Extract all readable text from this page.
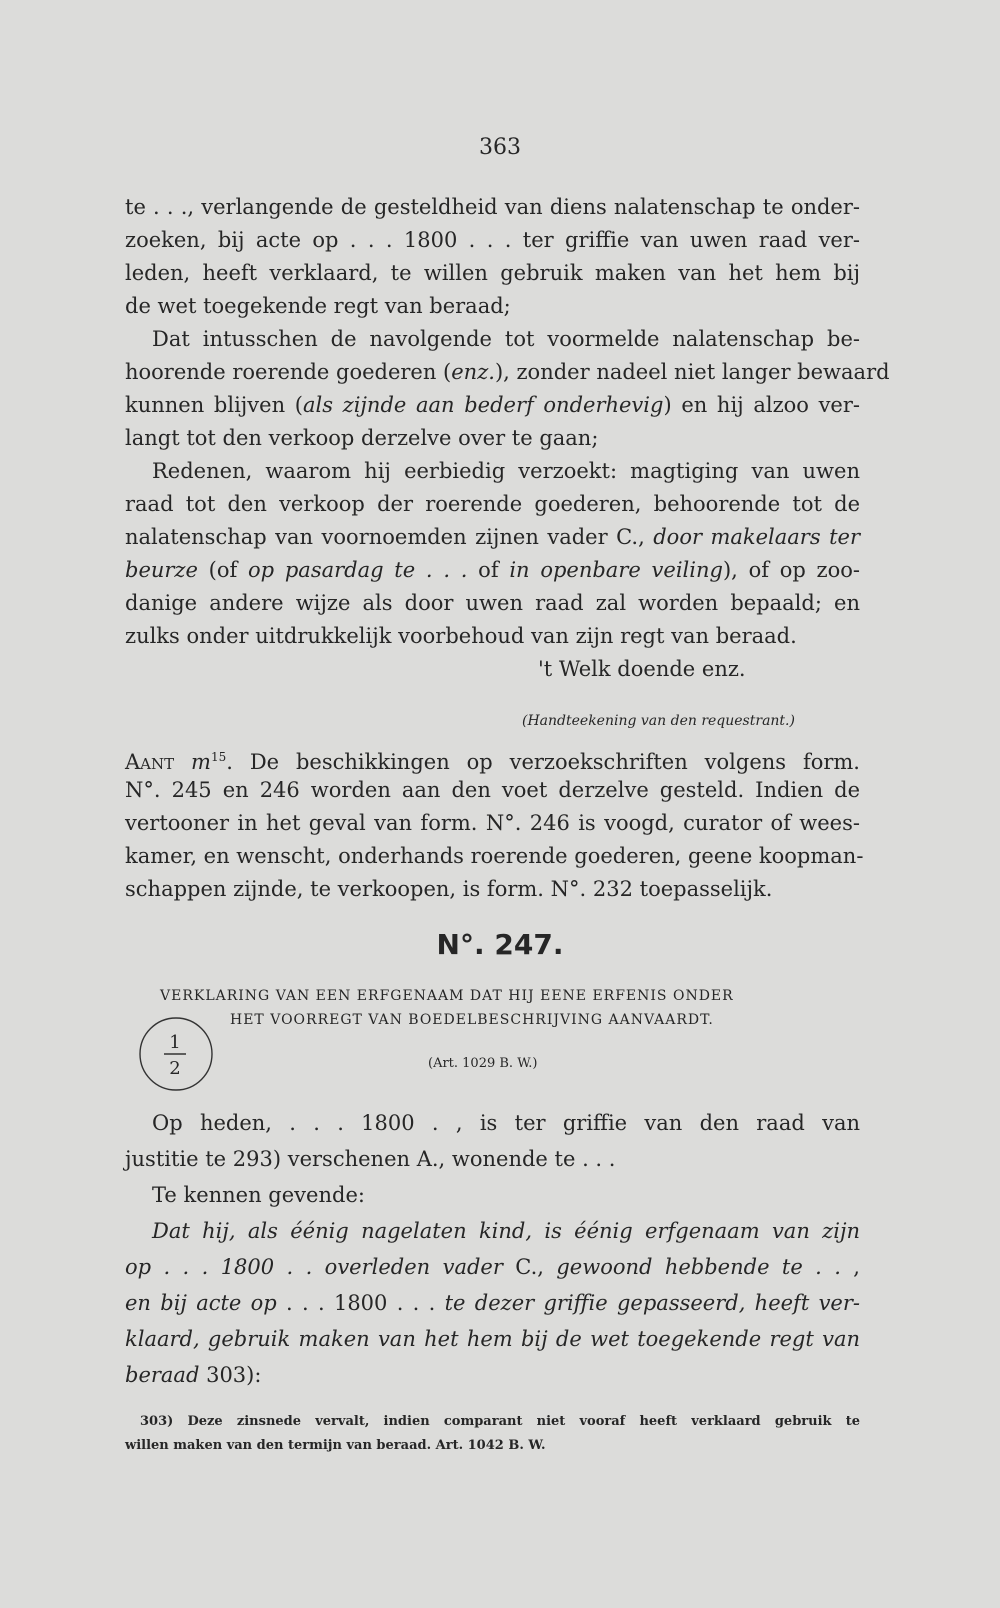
363
te . . ., verlangende de gesteldheid van diens nalatenschap te onder-
zoeken, bij acte op . . . 1800 . . . ter griffie van uwen raad ver-
leden, heeft verklaard, te willen gebruik maken van het hem bij
de wet toegekende regt van beraad;
Dat intusschen de navolgende tot voormelde nalatenschap be-
hoorende roerende goederen (enz.), zonder nadeel niet langer bewaard
kunnen blijven (als zijnde aan bederf onderhevig) en hij alzoo ver-
langt tot den verkoop derzelve over te gaan;
Redenen, waarom hij eerbiedig verzoekt: magtiging van uwen
raad tot den verkoop der roerende goederen, behoorende tot de
nalatenschap van voornoemden zijnen vader C., door makelaars ter
beurze (of op pasardag te . . . of in openbare veiling), of op zoo-
danige andere wijze als door uwen raad zal worden bepaald; en
zulks onder uitdrukkelijk voorbehoud van zijn regt van beraad.
't Welk doende enz.
(Handteekening van den requestrant.)
Aant $m^{15}$. De beschikkingen op verzoekschriften volgens form.
N°. 245 en 246 worden aan den voet derzelve gesteld. Indien de
vertooner in het geval van form. N°. 246 is voogd, curator of wees-
kamer, en wenscht, onderhands roerende goederen, geene koopman-
schappen zijnde, te verkoopen, is form. N°. 232 toepasselijk.
N°. 247.
VERKLARING VAN EEN ERFGENAAM DAT HIJ EENE ERFENIS ONDER
HET VOORREGT VAN BOEDELBESCHRIJVING AANVAARDT.
(Art. 1029 B. W.)
1
2
Op heden, . . . 1800 . , is ter griffie van den raad van
justitie te 293) verschenen A., wonende te . . .
Te kennen gevende:
Dat hij, als éénig nagelaten kind, is éénig erfgenaam van zijn
op . . . 1800 . . overleden vader C., gewoond hebbende te . . ,
en bij acte op . . . 1800 . . . te dezer griffie gepasseerd, heeft ver-
klaard, gebruik maken van het hem bij de wet toegekende regt van
beraad 303):
303) Deze zinsnede vervalt, indien comparant niet vooraf heeft verklaard gebruik te
willen maken van den termijn van beraad. Art. 1042 B. W.
